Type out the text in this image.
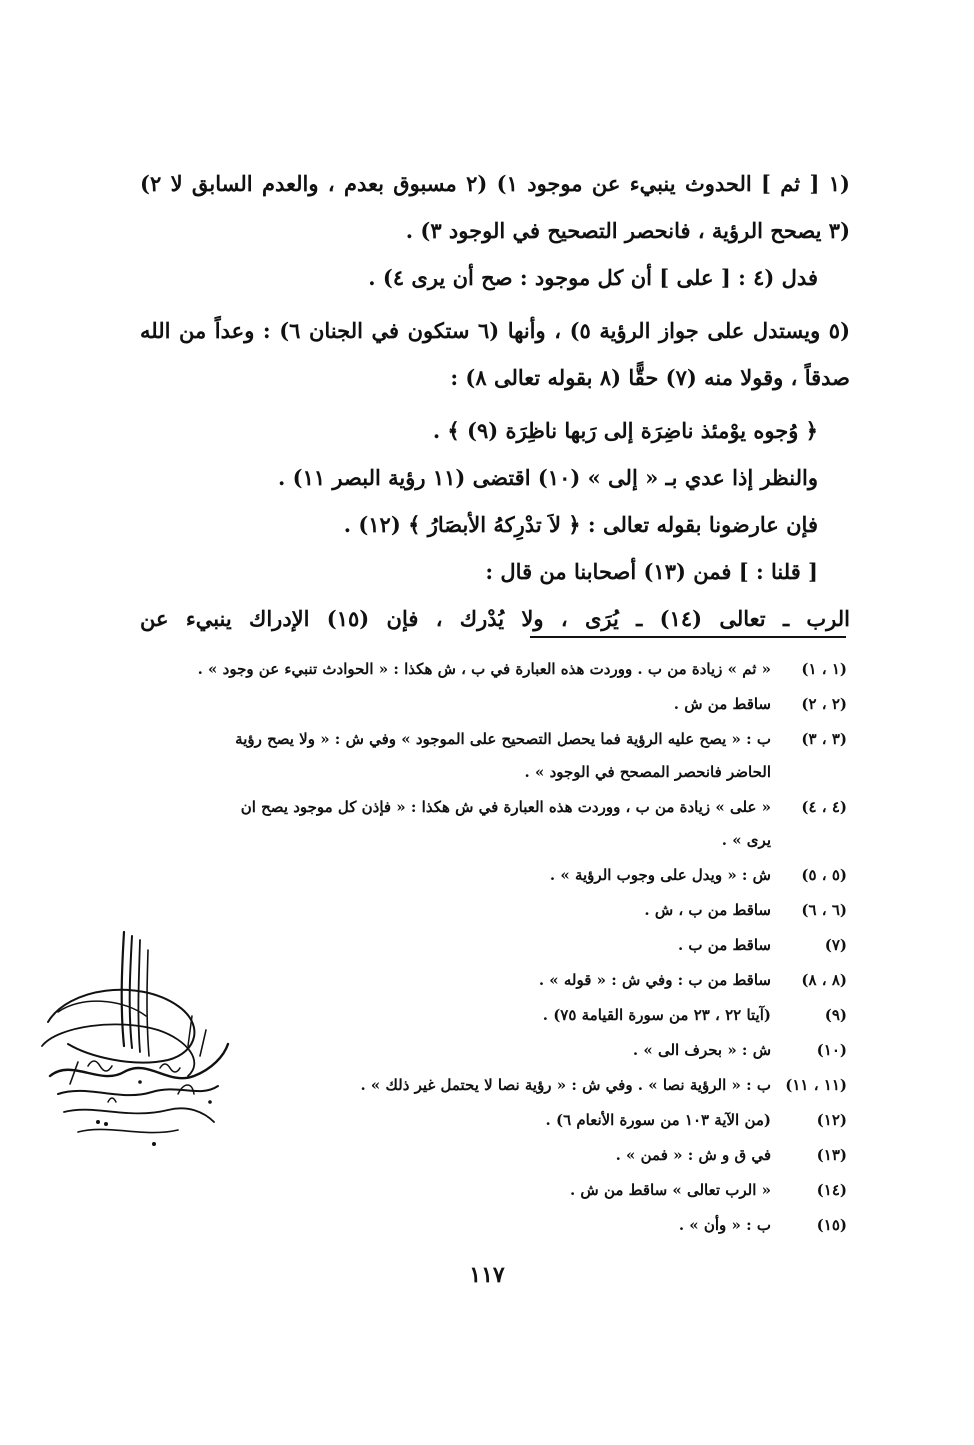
(١ [ ثم ] الحدوث ينبيء عن موجود ١) (٢ مسبوق بعدم ، والعدم السابق لا ٢)

(٣ يصحح الرؤية ، فانحصر التصحيح في الوجود ٣) .

فدل (٤ : [ على ] أن كل موجود : صح أن يرى ٤) .

(٥ ويستدل على جواز الرؤية ٥) ، وأنها (٦ ستكون في الجنان ٦) : وعداً من الله

صدقاً ، وقولا منه (٧) حقًّا (٨ بقوله تعالى ٨) :

﴿ وُجوه يوْمئذ ناضِرَة إلى رَبها ناظِرَة (٩) ﴾ .

والنظر إذا عدي بـ « إلى » (١٠) اقتضى (١١ رؤية البصر ١١) .

فإن عارضونا بقوله تعالى : ﴿ لاَ تدْرِكهُ الأبصَارُ ﴾ (١٢) .

[ قلنا : ] فمن (١٣) أصحابنا من قال :

الرب ـ تعالى (١٤) ـ يُرَى ، ولا يُدْرك ، فإن (١٥) الإدراك ينبيء عن

(١ ، ١)« ثم » زيادة من ب . ووردت هذه العبارة في ب ، ش هكذا : « الحوادث تنبيء عن وجود » .
(٢ ، ٢)ساقط من ش .
(٣ ، ٣)ب : « يصح عليه الرؤية فما يحصل التصحيح على الموجود » وفي ش : « ولا يصح رؤية
الحاضر فانحصر المصحح في الوجود » .
(٤ ، ٤)« على » زيادة من ب ، ووردت هذه العبارة في ش هكذا : « فإذن كل موجود يصح ان
يرى » .
(٥ ، ٥)ش : « ويدل على وجوب الرؤية » .
(٦ ، ٦)ساقط من ب ، ش .
(٧)ساقط من ب .
(٨ ، ٨)ساقط من ب : وفي ش : « قوله » .
(٩)(آيتا ٢٢ ، ٢٣ من سورة القيامة ٧٥) .
(١٠)ش : « بحرف الى » .
(١١ ، ١١)ب : « الرؤية نصا » . وفي ش : « رؤية نصا لا يحتمل غير ذلك » .
(١٢)(من الآية ١٠٣ من سورة الأنعام ٦) .
(١٣)في ق و ش : « فمن » .
(١٤)« الرب تعالى » ساقط من ش .
(١٥)ب : « وأن » .
١١٧
